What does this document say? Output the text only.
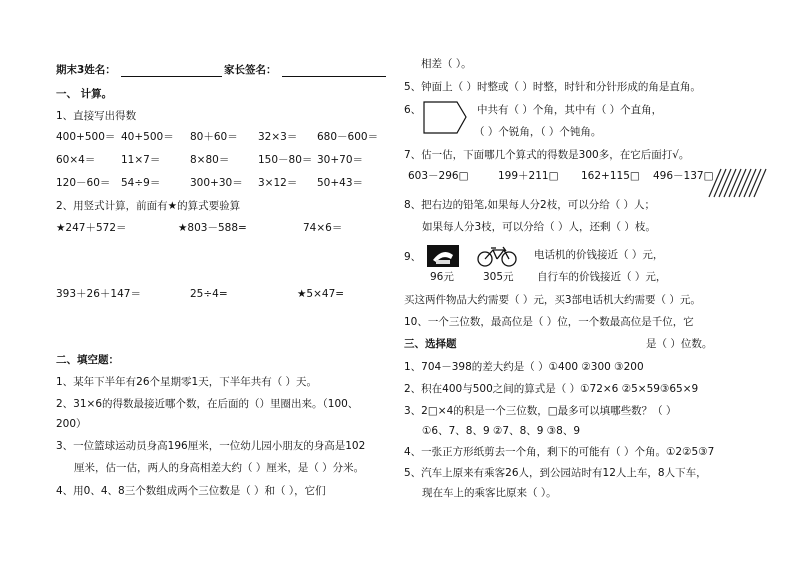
期末3姓名：	家长签名：
一、 计算。
1、直接写出得数
400+500＝ 40+500＝ 80＋60＝ 32×3＝ 680－600＝
60×4＝ 11×7＝	8×80＝	150－80＝ 30+70＝
120－60＝ 54÷9＝	300+30＝ 3×12＝ 50+43＝
2、用竖式计算，前面有★的算式要验算
★247＋572＝	★803－588=	74×6＝
393＋26＋147＝	25÷4=	★5×47=
二、填空题：
1、某年下半年有26个星期零1天，下半年共有（ ）天。
2、31×6的得数最接近哪个数，在后面的（）里圈出来。（100、
200）
3、一位篮球运动员身高196厘米，一位幼儿园小朋友的身高是102
厘米，估一估，两人的身高相差大约（ ）厘米，是（ ）分米。
4、用0、4、8三个数组成两个三位数是（ ）和（ ），它们
相差（ ）。
5、钟面上（ ）时整或（ ）时整，时针和分针形成的角是直角。
6、	中共有（ ）个角，其中有（ ）个直角，
（ ）个锐角，（ ）个钝角。
7、估一估，下面哪几个算式的得数是300多，在它后面打√。
603－296□	199＋211□ 162+115□ 496－137□
8、把右边的铅笔,如果每人分2枝，可以分给（ ）人；
如果每人分3枝，可以分给（ ）人，还剩（ ）枝。
9、	电话机的价钱接近（ ）元，
96元	305元 自行车的价钱接近（ ）元，
买这两件物品大约需要（ ）元，买3部电话机大约需要（ ）元。
10、一个三位数，最高位是（ ）位，一个数最高位是千位，它
是（ ）位数。
三、选择题
1、704－398的差大约是（ ）①400 ②300 ③200
2、积在400与500之间的算式是（ ）①72×6 ②5×59③65×9
3、2□×4的积是一个三位数，□最多可以填哪些数？（ ）
①6、7、8、9 ②7、8、9 ③8、9
4、一张正方形纸剪去一个角，剩下的可能有（ ）个角。①2②5③7
5、汽车上原来有乘客26人，到公园站时有12人上车，8人下车，
现在车上的乘客比原来（ ）。
